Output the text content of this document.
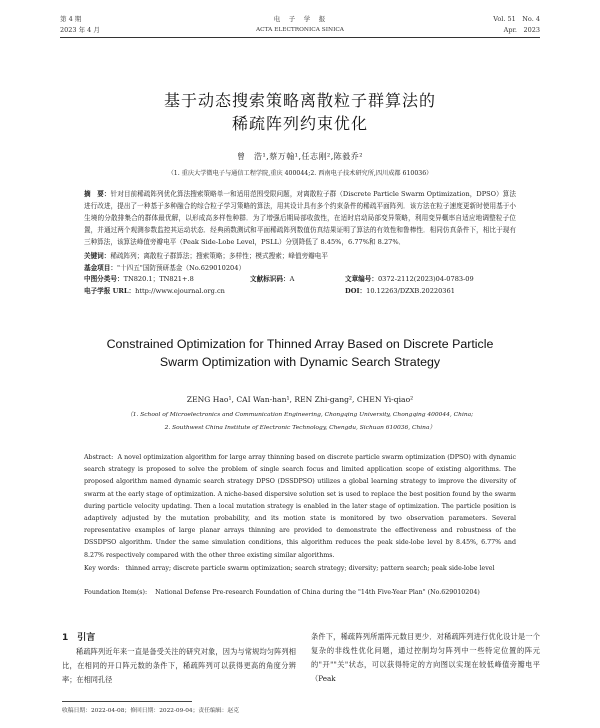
第 4 期
2023 年 4 月
电　子　学　报
ACTA ELECTRONICA SINICA
Vol. 51　No. 4
Apr.　2023
基于动态搜索策略离散粒子群算法的
稀疏阵列约束优化
曾　浩¹,蔡万翰¹,任志刚²,陈毅乔²
（1. 重庆大学微电子与通信工程学院,重庆 400044;2. 西南电子技术研究所,四川成都 610036）
摘　要：针对目前稀疏阵列优化算法搜索策略单一和适用范围受限问题，对离散粒子群（Discrete Particle Swarm Optimization，DPSO）算法进行改进，提出了一种基于多种融合的综合粒子学习策略的算法，用其设计具有多个约束条件的稀疏平面阵列．该方法在粒子速度更新时使用基于小生境的分散排集合的群体最优解，以形成高多样性种群．为了增强后期局部收敛性，在适时启动局部变异策略，利用变异概率自适应地调整粒子位置，并通过两个观测参数监控其运动状态．经典函数测试和平面稀疏阵列数值仿真结果证明了算法的有效性和鲁棒性．相同仿真条件下，相比于现有三种算法，该算法峰值旁瓣电平（Peak Side-Lobe Level，PSLL）分别降低了 8.45%，6.77%和 8.27%．
关键词：稀疏阵列；离散粒子群算法；搜索策略；多样性；模式搜索；峰值旁瓣电平
基金项目："十四五"国防预研基金（No.629010204）
中图分类号：TN820.1；TN821+.8	文献标识码：A	文章编号：0372-2112(2023)04-0783-09
电子学报 URL：http://www.ejournal.org.cn	DOI：10.12263/DZXB.20220361
Constrained Optimization for Thinned Array Based on Discrete Particle
Swarm Optimization with Dynamic Search Strategy
ZENG Hao¹, CAI Wan-han¹, REN Zhi-gang², CHEN Yi-qiao²
（1. School of Microelectronics and Communication Engineering, Chongqing University, Chongqing 400044, China;
2. Southwest China Institute of Electronic Technology, Chengdu, Sichuan 610036, China）
Abstract: A novel optimization algorithm for large array thinning based on discrete particle swarm optimization (DPSO) with dynamic search strategy is proposed to solve the problem of single search focus and limited application scope of existing algorithms. The proposed algorithm named dynamic search strategy DPSO (DSSDPSO) utilizes a global learning strategy to improve the diversity of swarm at the early stage of optimization. A niche-based dispersive solution set is used to replace the best position found by the swarm during particle velocity updating. Then a local mutation strategy is enabled in the later stage of optimization. The particle position is adaptively adjusted by the mutation probability, and its motion state is monitored by two observation parameters. Several representative examples of large planar arrays thinning are provided to demonstrate the effectiveness and robustness of the DSSDPSO algorithm. Under the same simulation conditions, this algorithm reduces the peak side-lobe level by 8.45%, 6.77% and 8.27% respectively compared with the other three existing similar algorithms.
Key words: thinned array; discrete particle swarm optimization; search strategy; diversity; pattern search; peak side-lobe level
Foundation Item(s): National Defense Pre-research Foundation of China during the "14th Five-Year Plan" (No.629010204)
1　引言
稀疏阵列近年来一直是备受关注的研究对象，因为与常规均匀阵列相比，在相同的开口阵元数的条件下，稀疏阵列可以获得更高的角度分辨率；在相同孔径
条件下，稀疏阵列所需阵元数目更少．对稀疏阵列进行优化设计是一个复杂的非线性优化问题，通过控制均匀阵列中一些特定位置的阵元的"开""关"状态，可以获得特定的方向图以实现在较低峰值旁瓣电平（Peak
收稿日期：2022-04-08；修回日期：2022-09-04；责任编辑：赵克
